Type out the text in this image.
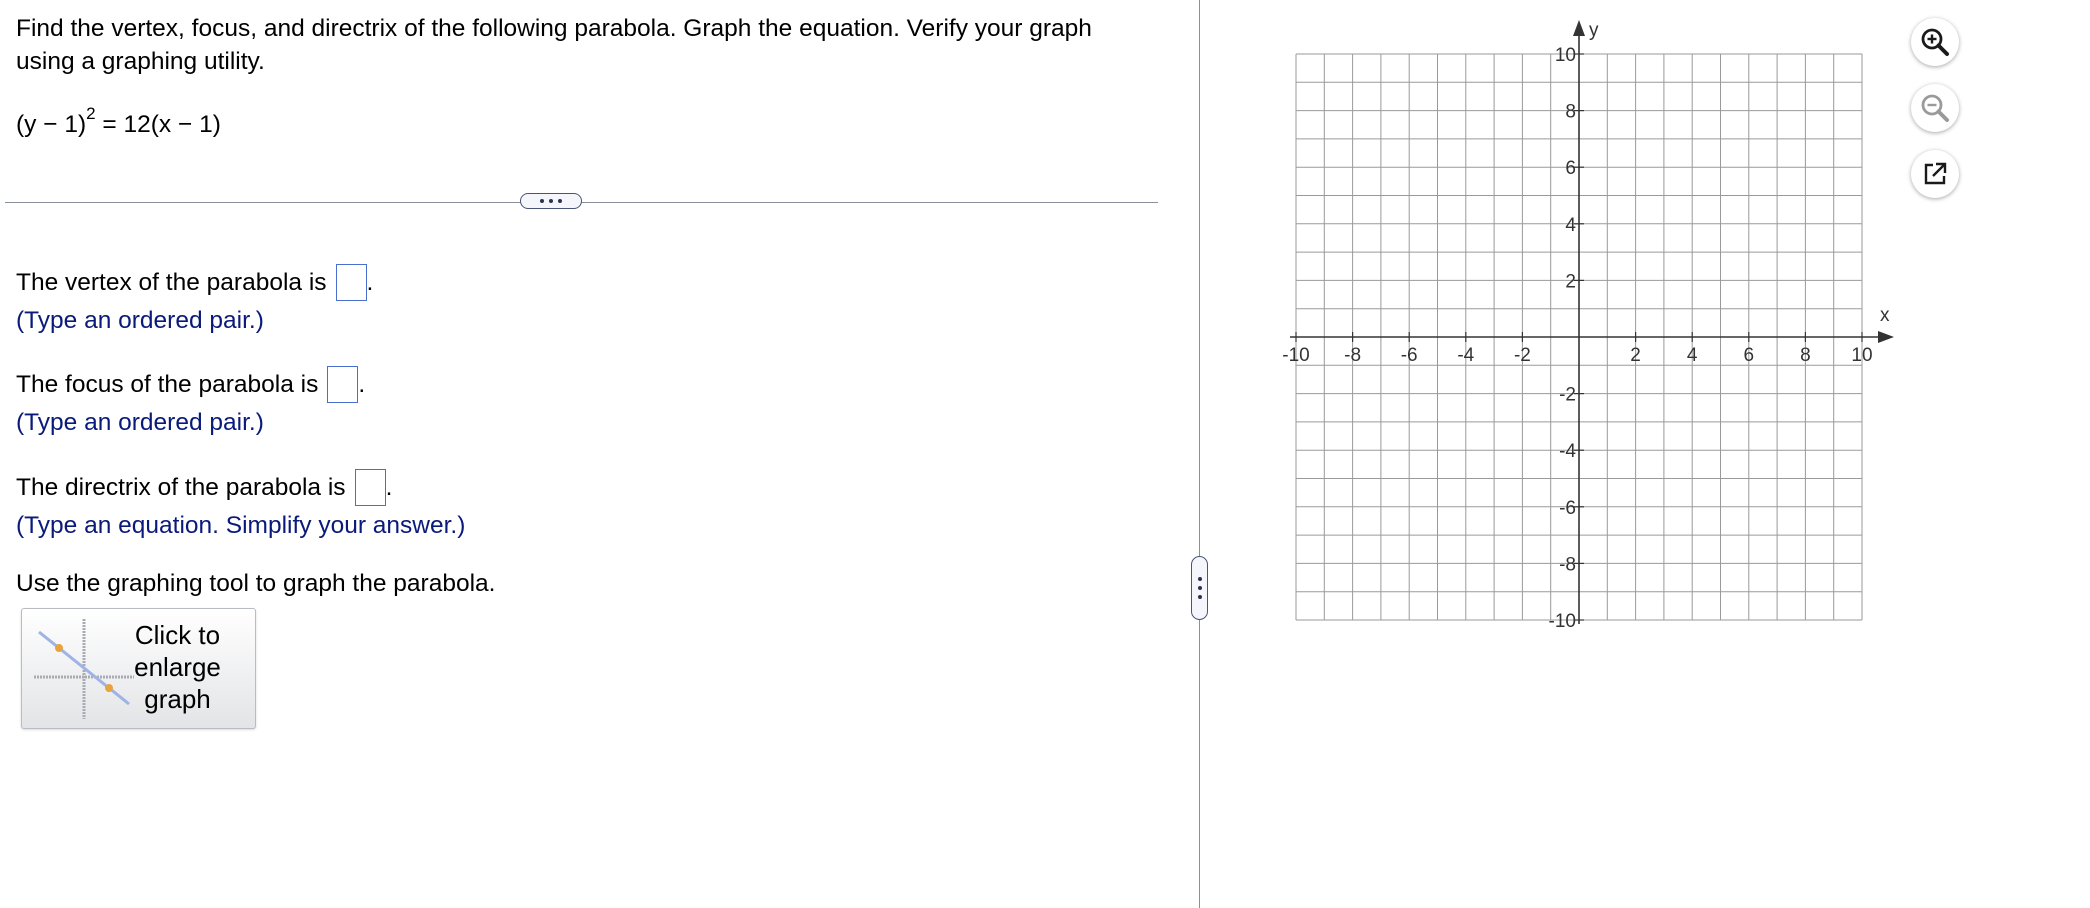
Find the vertex, focus, and directrix of the following parabola. Graph the equation. Verify your graph using a graphing utility.
$(y - 1)^2 = 12(x - 1)$
The vertex of the parabola is .
(Type an ordered pair.)
The focus of the parabola is .
(Type an ordered pair.)
The directrix of the parabola is .
(Type an equation. Simplify your answer.)
Use the graphing tool to graph the parabola.
Click to
enlarge
graph
-10 -8 -6 -4 -2	2 4 6 8 10
10
8
6
4
2
-2
-4
-6
-8
-10
x
y
